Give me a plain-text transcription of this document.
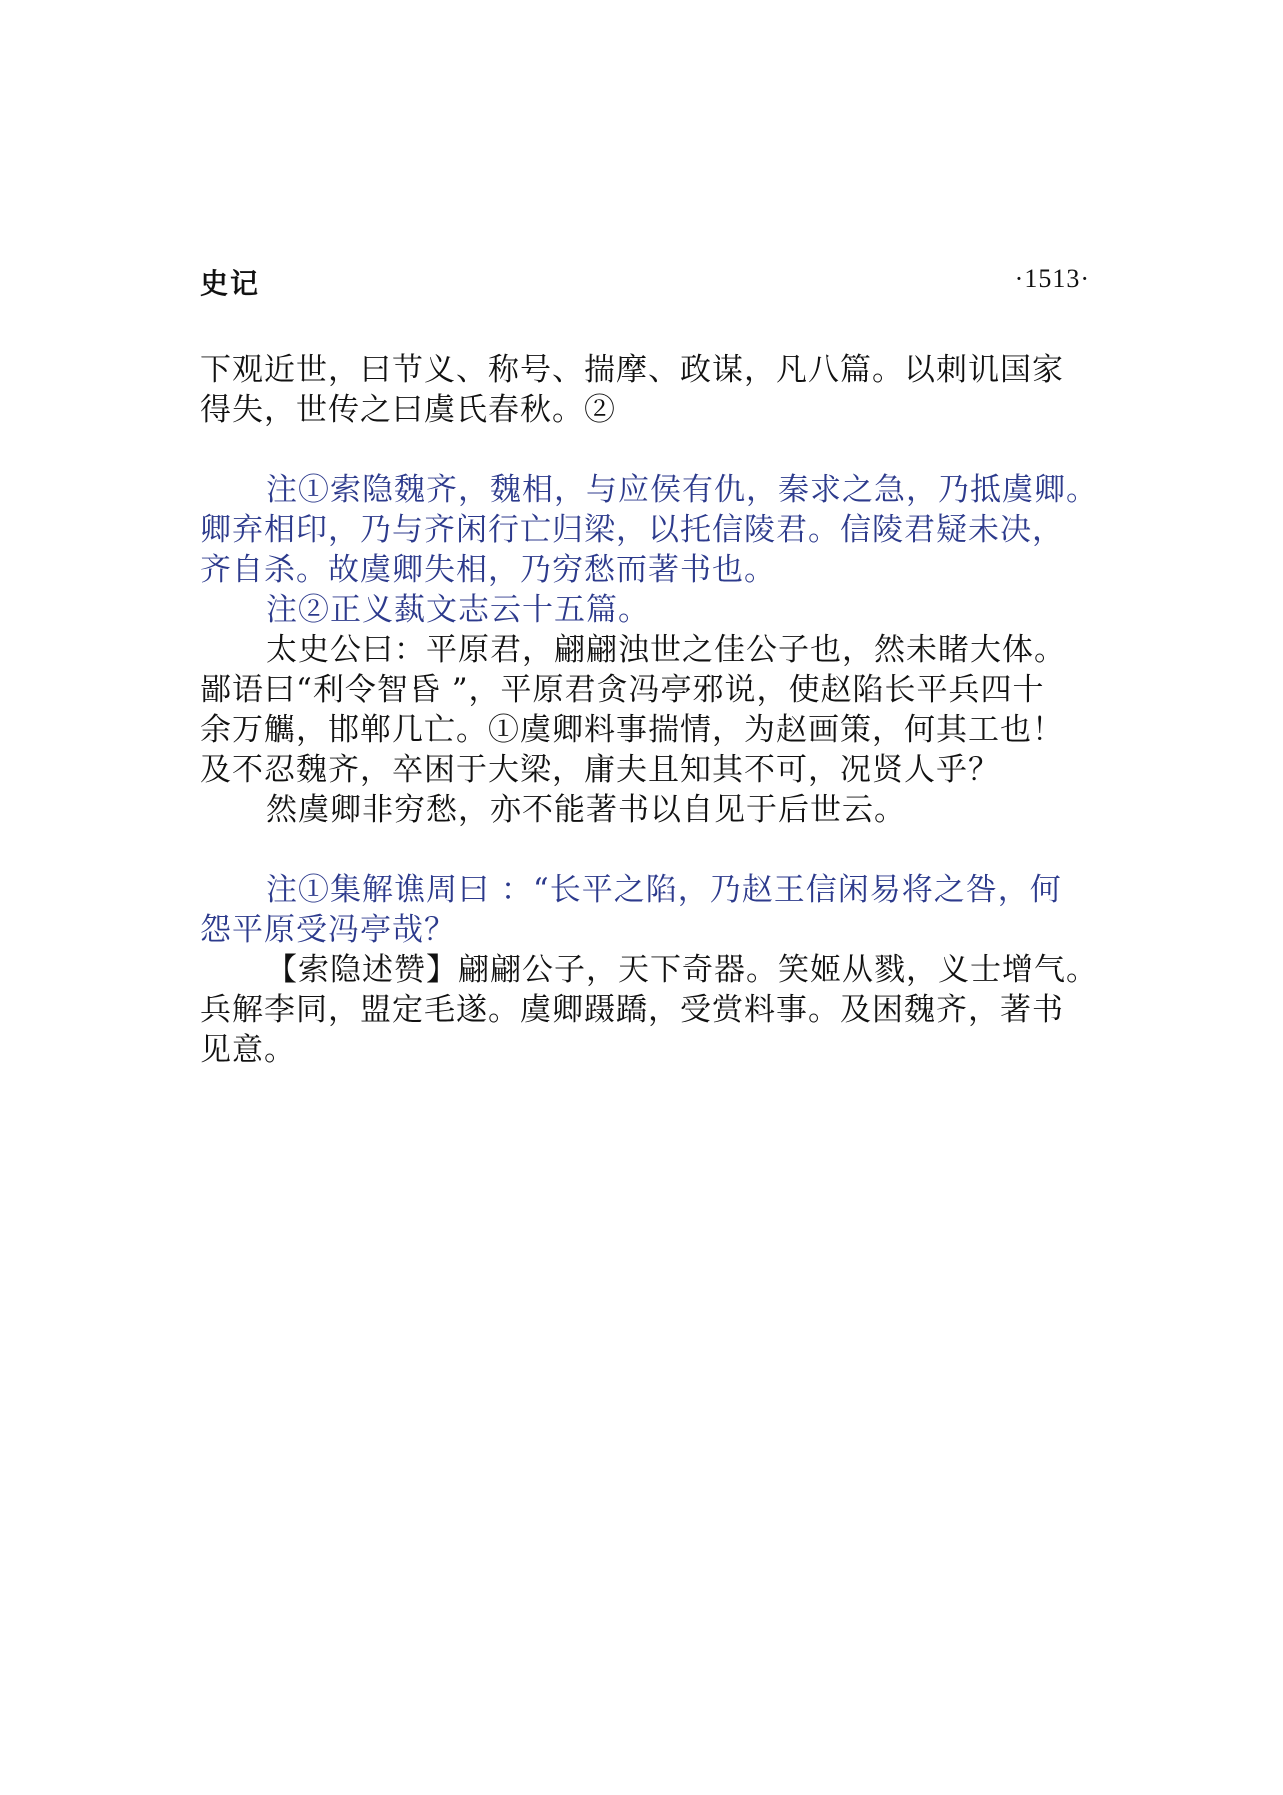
史记	·1513·

下观近世，曰节义、称号、揣摩、政谋，凡八篇。以刺讥国家
得失，世传之曰虞氏春秋。②

注①索隐魏齐，魏相，与应侯有仇，秦求之急，乃抵虞卿。
卿弃相印，乃与齐闲行亡归梁，以托信陵君。信陵君疑未决，
齐自杀。故虞卿失相，乃穷愁而著书也。

注②正义蓺文志云十五篇。

太史公曰：平原君，翩翩浊世之佳公子也，然未睹大体。
鄙语曰“利令智昏 ”，平原君贪冯亭邪说，使赵陷长平兵四十
余万觽，邯郸几亡。①虞卿料事揣情，为赵画策，何其工也！
及不忍魏齐，卒困于大梁，庸夫且知其不可，况贤人乎？

然虞卿非穷愁，亦不能著书以自见于后世云。

注①集解谯周曰 ：“长平之陷，乃赵王信闲易将之咎，何
怨平原受冯亭哉？

【索隐述赞】翩翩公子，天下奇器。笑姬从戮，义士增气。
兵解李同，盟定毛遂。虞卿蹑蹻，受赏料事。及困魏齐，著书
见意。
